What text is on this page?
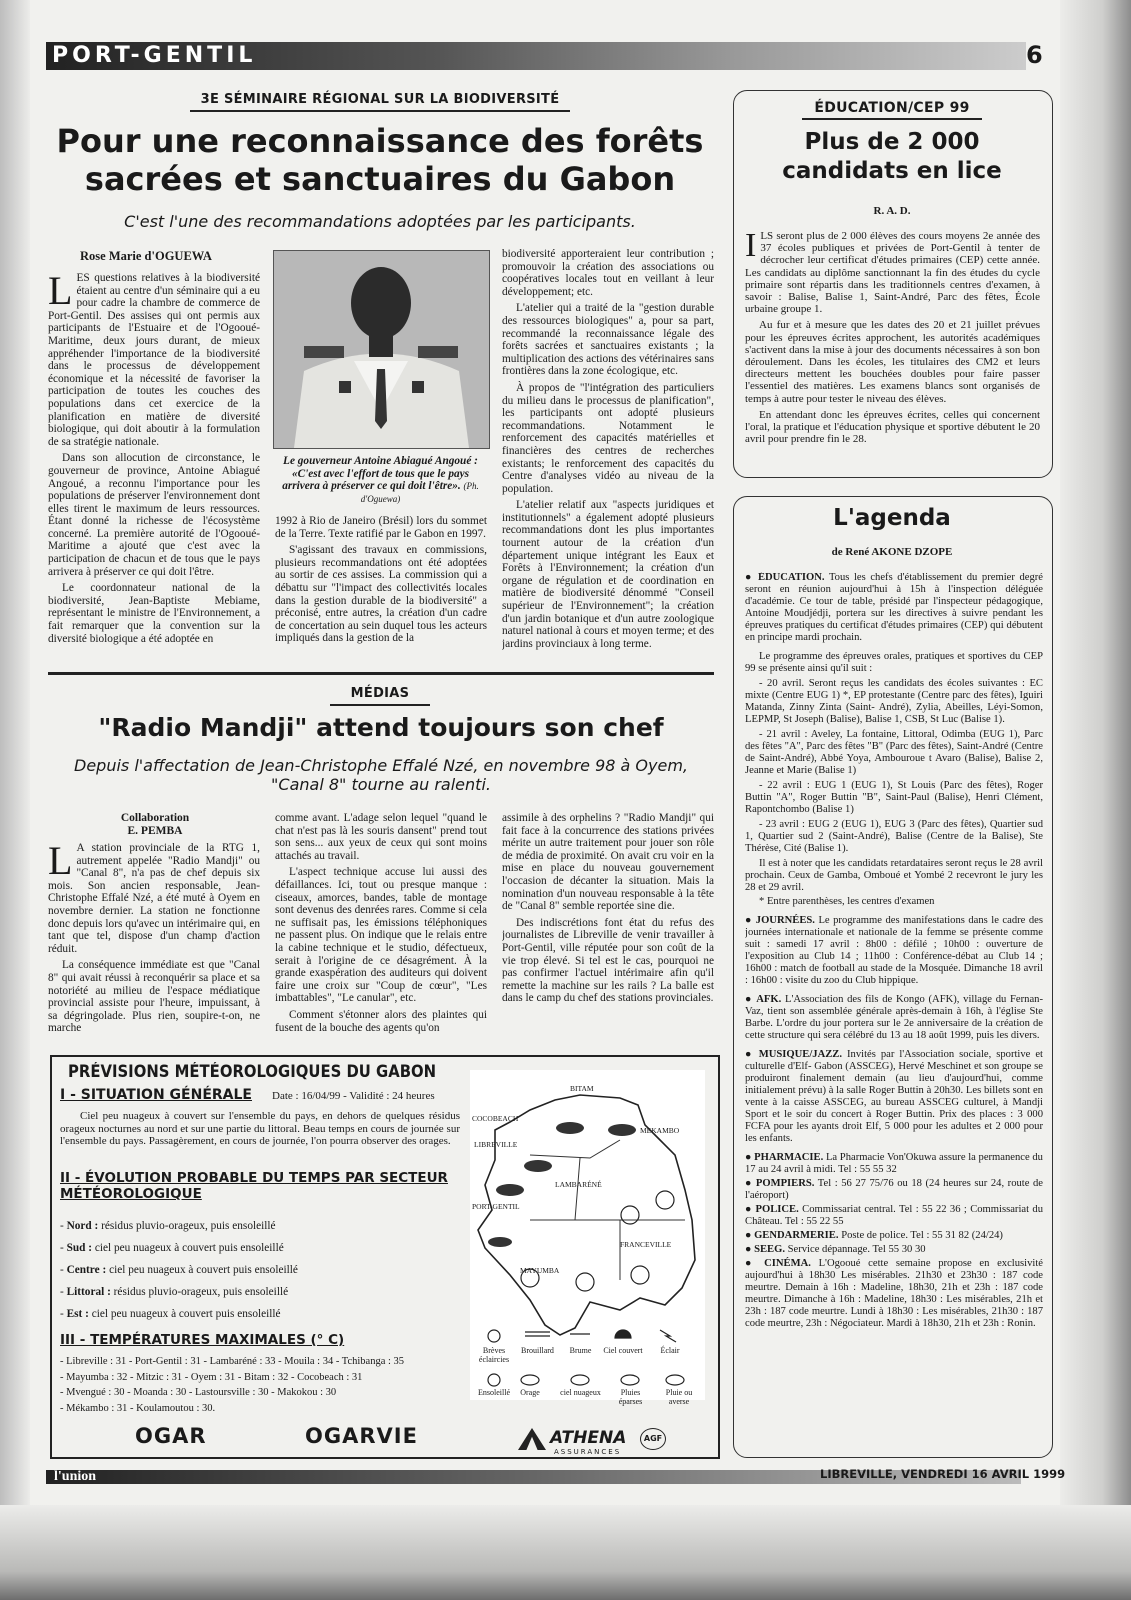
PORT-GENTIL	6
3E SÉMINAIRE RÉGIONAL SUR LA BIODIVERSITÉ
Pour une reconnaissance des forêts
sacrées et sanctuaires du Gabon
C'est l'une des recommandations adoptées par les participants.
Rose Marie d'OGUEWA
L ES questions relatives à la biodiversité étaient au centre d'un séminaire qui a eu pour cadre la chambre de commerce de Port-Gentil. Des assises qui ont permis aux participants de l'Estuaire et de l'Ogooué-Maritime, deux jours durant, de mieux appréhender l'importance de la biodiversité dans le processus de développement économique et la nécessité de favoriser la participation de toutes les couches des populations dans cet exercice de la planification en matière de diversité biologique, qui doit aboutir à la formulation de sa stratégie nationale.

Dans son allocution de circonstance, le gouverneur de province, Antoine Abiagué Angoué, a reconnu l'importance pour les populations de préserver l'environnement dont elles tirent le maximum de leurs ressources. Étant donné la richesse de l'écosystème concerné. La première autorité de l'Ogooué-Maritime a ajouté que c'est avec la participation de chacun et de tous que le pays arrivera à préserver ce qui doit l'être.

Le coordonnateur national de la biodiversité, Jean-Baptiste Mebiame, représentant le ministre de l'Environnement, a fait remarquer que la convention sur la diversité biologique a été adoptée en

Le gouverneur Antoine Abiagué Angoué : «C'est avec l'effort de tous que le pays arrivera à préserver ce qui doit l'être». (Ph. d'Oguewa)

1992 à Rio de Janeiro (Brésil) lors du sommet de la Terre. Texte ratifié par le Gabon en 1997.

S'agissant des travaux en commissions, plusieurs recommandations ont été adoptées au sortir de ces assises. La commission qui a débattu sur "l'impact des collectivités locales dans la gestion durable de la biodiversité" a préconisé, entre autres, la création d'un cadre de concertation au sein duquel tous les acteurs impliqués dans la gestion de la

biodiversité apporteraient leur contribution ; promouvoir la création des associations ou coopératives locales tout en veillant à leur développement; etc.

L'atelier qui a traité de la "gestion durable des ressources biologiques" a, pour sa part, recommandé la reconnaissance légale des forêts sacrées et sanctuaires existants ; la multiplication des actions des vétérinaires sans frontières dans la zone écologique, etc.

À propos de "l'intégration des particuliers du milieu dans le processus de planification", les participants ont adopté plusieurs recommandations. Notamment le renforcement des capacités matérielles et financières des centres de recherches existants; le renforcement des capacités du Centre d'analyses vidéo au niveau de la population.

L'atelier relatif aux "aspects juridiques et institutionnels" a également adopté plusieurs recommandations dont les plus importantes tournent autour de la création d'un département unique intégrant les Eaux et Forêts à l'Environnement; la création d'un organe de régulation et de coordination en matière de biodiversité dénommé "Conseil supérieur de l'Environnement"; la création d'un jardin botanique et d'un autre zoologique naturel national à cours et moyen terme; et des jardins provinciaux à long terme.

MÉDIAS
"Radio Mandji" attend toujours son chef
Depuis l'affectation de Jean-Christophe Effalé Nzé, en novembre 98 à Oyem,
"Canal 8" tourne au ralenti.
Collaboration
E. PEMBA
L A station provinciale de la RTG 1, autrement appelée "Radio Mandji" ou "Canal 8", n'a pas de chef depuis six mois. Son ancien responsable, Jean-Christophe Effalé Nzé, a été muté à Oyem en novembre dernier. La station ne fonctionne donc depuis lors qu'avec un intérimaire qui, en tant que tel, dispose d'un champ d'action réduit.

La conséquence immédiate est que "Canal 8" qui avait réussi à reconquérir sa place et sa notoriété au milieu de l'espace médiatique provincial assiste pour l'heure, impuissant, à sa dégringolade. Plus rien, soupire-t-on, ne marche

comme avant. L'adage selon lequel "quand le chat n'est pas là les souris dansent" prend tout son sens... aux yeux de ceux qui sont moins attachés au travail.

L'aspect technique accuse lui aussi des défaillances. Ici, tout ou presque manque : ciseaux, amorces, bandes, table de montage sont devenus des denrées rares. Comme si cela ne suffisait pas, les émissions téléphoniques ne passent plus. On indique que le relais entre la cabine technique et le studio, défectueux, serait à l'origine de ce désagrément. À la grande exaspération des auditeurs qui doivent faire une croix sur "Coup de cœur", "Les imbattables", "Le canular", etc.

Comment s'étonner alors des plaintes qui fusent de la bouche des agents qu'on

assimile à des orphelins ? "Radio Mandji" qui fait face à la concurrence des stations privées mérite un autre traitement pour jouer son rôle de média de proximité. On avait cru voir en la mise en place du nouveau gouvernement l'occasion de décanter la situation. Mais la nomination d'un nouveau responsable à la tête de "Canal 8" semble reportée sine die.

Des indiscrétions font état du refus des journalistes de Libreville de venir travailler à Port-Gentil, ville réputée pour son coût de la vie trop élevé. Si tel est le cas, pourquoi ne pas confirmer l'actuel intérimaire afin qu'il remette la machine sur les rails ? La balle est dans le camp du chef des stations provinciales.

PRÉVISIONS MÉTÉOROLOGIQUES DU GABON
I - SITUATION GÉNÉRALE Date : 16/04/99 - Validité : 24 heures
Ciel peu nuageux à couvert sur l'ensemble du pays, en dehors de quelques résidus orageux nocturnes au nord et sur une partie du littoral. Beau temps en cours de journée sur l'ensemble du pays. Passagèrement, en cours de journée, l'on pourra observer des orages.
II - ÉVOLUTION PROBABLE DU TEMPS PAR SECTEUR
MÉTÉOROLOGIQUE
- Nord : résidus pluvio-orageux, puis ensoleillé
- Sud : ciel peu nuageux à couvert puis ensoleillé
- Centre : ciel peu nuageux à couvert puis ensoleillé
- Littoral : résidus pluvio-orageux, puis ensoleillé
- Est : ciel peu nuageux à couvert puis ensoleillé
III - TEMPÉRATURES MAXIMALES (° C)
- Libreville : 31 - Port-Gentil : 31 - Lambaréné : 33 - Mouila : 34 - Tchibanga : 35
- Mayumba : 32 - Mitzic : 31 - Oyem : 31 - Bitam : 32 - Cocobeach : 31
- Mvengué : 30 - Moanda : 30 - Lastoursville : 30 - Makokou : 30
- Mékambo : 31 - Koulamoutou : 30.
BITAM
COCOBEACH
MEKAMBO
LIBREVILLE
LAMBARÉNÉ
PORT-GENTIL
FRANCEVILLE
MAYUMBA
Brèves éclaircies
Brouillard	Brume	Ciel couvert	Éclair
Ensoleillé	Orage	ciel nuageux	Pluies éparses
Pluie ou averse
OGAR	OGARVIE	ATHENA
ASSURANCES
AGF
ÉDUCATION/CEP 99
Plus de 2 000
candidats en lice
R. A. D.
I LS seront plus de 2 000 élèves des cours moyens 2e année des 37 écoles publiques et privées de Port-Gentil à tenter de décrocher leur certificat d'études primaires (CEP) cette année. Les candidats au diplôme sanctionnant la fin des études du cycle primaire sont répartis dans les traditionnels centres d'examen, à savoir : Balise, Balise 1, Saint-André, Parc des fêtes, École urbaine groupe 1.

Au fur et à mesure que les dates des 20 et 21 juillet prévues pour les épreuves écrites approchent, les autorités académiques s'activent dans la mise à jour des documents nécessaires à son bon déroulement. Dans les écoles, les titulaires des CM2 et leurs directeurs mettent les bouchées doubles pour faire passer l'essentiel des matières. Les examens blancs sont organisés de temps à autre pour tester le niveau des élèves.

En attendant donc les épreuves écrites, celles qui concernent l'oral, la pratique et l'éducation physique et sportive débutent le 20 avril pour prendre fin le 28.

L'agenda
de René AKONE DZOPE

● ÉDUCATION. Tous les chefs d'établissement du premier degré seront en réunion aujourd'hui à 15h à l'inspection déléguée d'académie. Ce tour de table, présidé par l'inspecteur pédagogique, Antoine Moudjédji, portera sur les directives à suivre pendant les épreuves pratiques du certificat d'études primaires (CEP) qui débutent en principe mardi prochain.

Le programme des épreuves orales, pratiques et sportives du CEP 99 se présente ainsi qu'il suit :

- 20 avril. Seront reçus les candidats des écoles suivantes : EC mixte (Centre EUG 1) *, EP protestante (Centre parc des fêtes), Iguiri Matanda, Zinny Zinta (Saint- André), Zylia, Abeilles, Léyi-Somon, LEPMP, St Joseph (Balise), Balise 1, CSB, St Luc (Balise 1).

- 21 avril : Aveley, La fontaine, Littoral, Odimba (EUG 1), Parc des fêtes "A", Parc des fêtes "B" (Parc des fêtes), Saint-André (Centre de Saint-André), Abbé Yoya, Ambouroue t Avaro (Balise), Balise 2, Jeanne et Marie (Balise 1)

- 22 avril : EUG 1 (EUG 1), St Louis (Parc des fêtes), Roger Buttin "A", Roger Buttin "B", Saint-Paul (Balise), Henri Clément, Rapontchombo (Balise 1)

- 23 avril : EUG 2 (EUG 1), EUG 3 (Parc des fêtes), Quartier sud 1, Quartier sud 2 (Saint-André), Balise (Centre de la Balise), Ste Thérèse, Cité (Balise 1).

Il est à noter que les candidats retardataires seront reçus le 28 avril prochain. Ceux de Gamba, Omboué et Yombé 2 recevront le jury les 28 et 29 avril.

* Entre parenthèses, les centres d'examen

● JOURNÉES. Le programme des manifestations dans le cadre des journées internationale et nationale de la femme se présente comme suit : samedi 17 avril : 8h00 : défilé ; 10h00 : ouverture de l'exposition au Club 14 ; 11h00 : Conférence-débat au Club 14 ; 16h00 : match de football au stade de la Mosquée. Dimanche 18 avril : 16h00 : visite du zoo du Club hippique.

● AFK. L'Association des fils de Kongo (AFK), village du Fernan-Vaz, tient son assemblée générale après-demain à 16h, à l'église Ste Barbe. L'ordre du jour portera sur le 2e anniversaire de la création de cette structure qui sera célébré du 13 au 18 août 1999, puis les divers.

● MUSIQUE/JAZZ. Invités par l'Association sociale, sportive et culturelle d'Elf- Gabon (ASSCEG), Hervé Meschinet et son groupe se produiront finalement demain (au lieu d'aujourd'hui, comme initialement prévu) à la salle Roger Buttin à 20h30. Les billets sont en vente à la caisse ASSCEG, au bureau ASSCEG culturel, à Mandji Sport et le soir du concert à Roger Buttin. Prix des places : 3 000 FCFA pour les ayants droit Elf, 5 000 pour les adultes et 2 000 pour les enfants.

● PHARMACIE. La Pharmacie Von'Okuwa assure la permanence du 17 au 24 avril à midi. Tel : 55 55 32

● POMPIERS. Tel : 56 27 75/76 ou 18 (24 heures sur 24, route de l'aéroport)

● POLICE. Commissariat central. Tel : 55 22 36 ; Commissariat du Château. Tel : 55 22 55

● GENDARMERIE. Poste de police. Tel : 55 31 82 (24/24)

● SEEG. Service dépannage. Tel 55 30 30

● CINÉMA. L'Ogooué cette semaine propose en exclusivité aujourd'hui à 18h30 Les misérables. 21h30 et 23h30 : 187 code meurtre. Demain à 16h : Madeline, 18h30, 21h et 23h : 187 code meurtre. Dimanche à 16h : Madeline, 18h30 : Les misérables, 21h et 23h : 187 code meurtre. Lundi à 18h30 : Les misérables, 21h30 : 187 code meurtre, 23h : Négociateur. Mardi à 18h30, 21h et 23h : Ronin.

l'union	LIBREVILLE, VENDREDI 16 AVRIL 1999
